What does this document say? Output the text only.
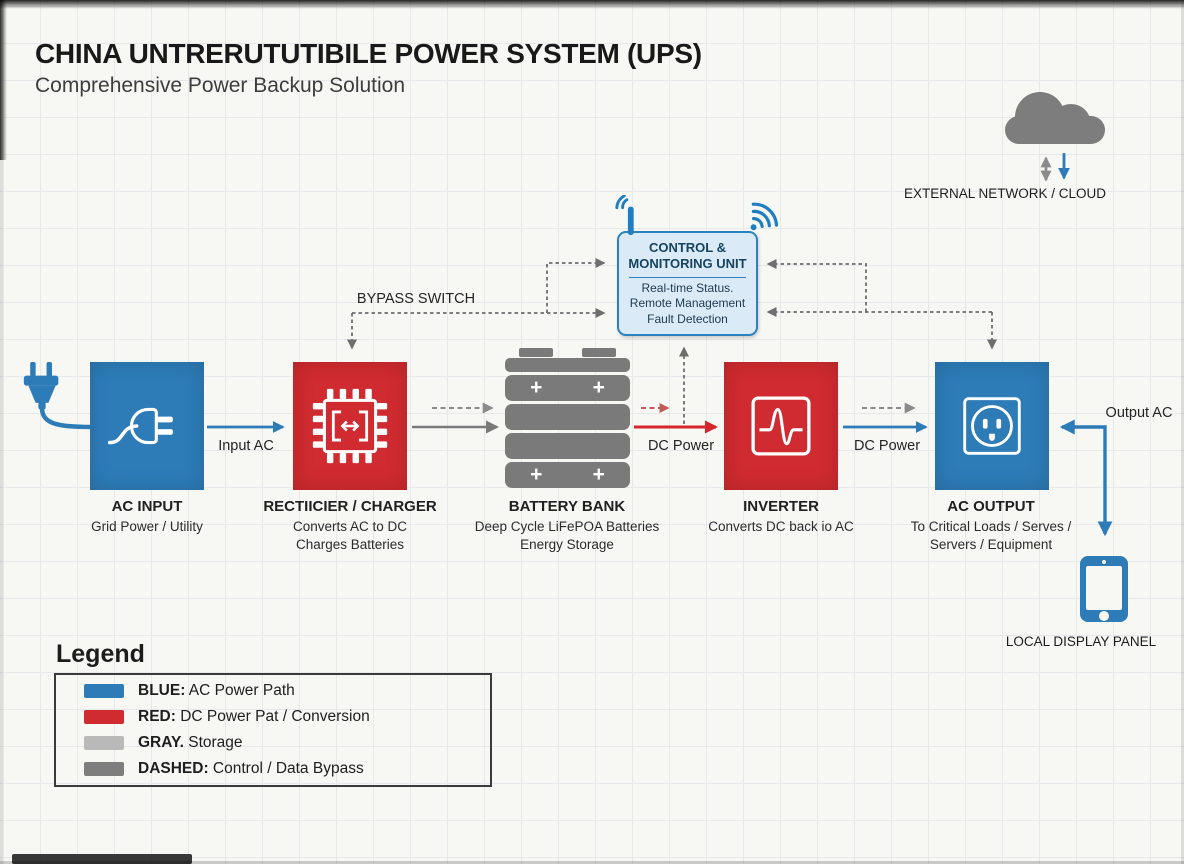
CHINA UNTRERUTUTIBILE POWER SYSTEM (UPS)
Comprehensive Power Backup Solution
AC INPUT
Grid Power / Utility
Input AC
RECTIICIER / CHARGER
Converts AC to DC
Charges Batteries
BYPASS SWITCH
+ +
+ +
BATTERY BANK
Deep Cycle LiFePOA Batteries
Energy Storage
DC Power
INVERTER
Converts DC back io AC
DC Power
AC OUTPUT
To Critical Loads / Serves /
Servers / Equipment
Output AC
CONTROL &
MONITORING UNIT
Real-time Status.
Remote Management
Fault Detection
EXTERNAL NETWORK / CLOUD
LOCAL DISPLAY PANEL
Legend
BLUE: AC Power Path
RED: DC Power Pat / Conversion
GRAY. Storage
DASHED: Control / Data Bypass
